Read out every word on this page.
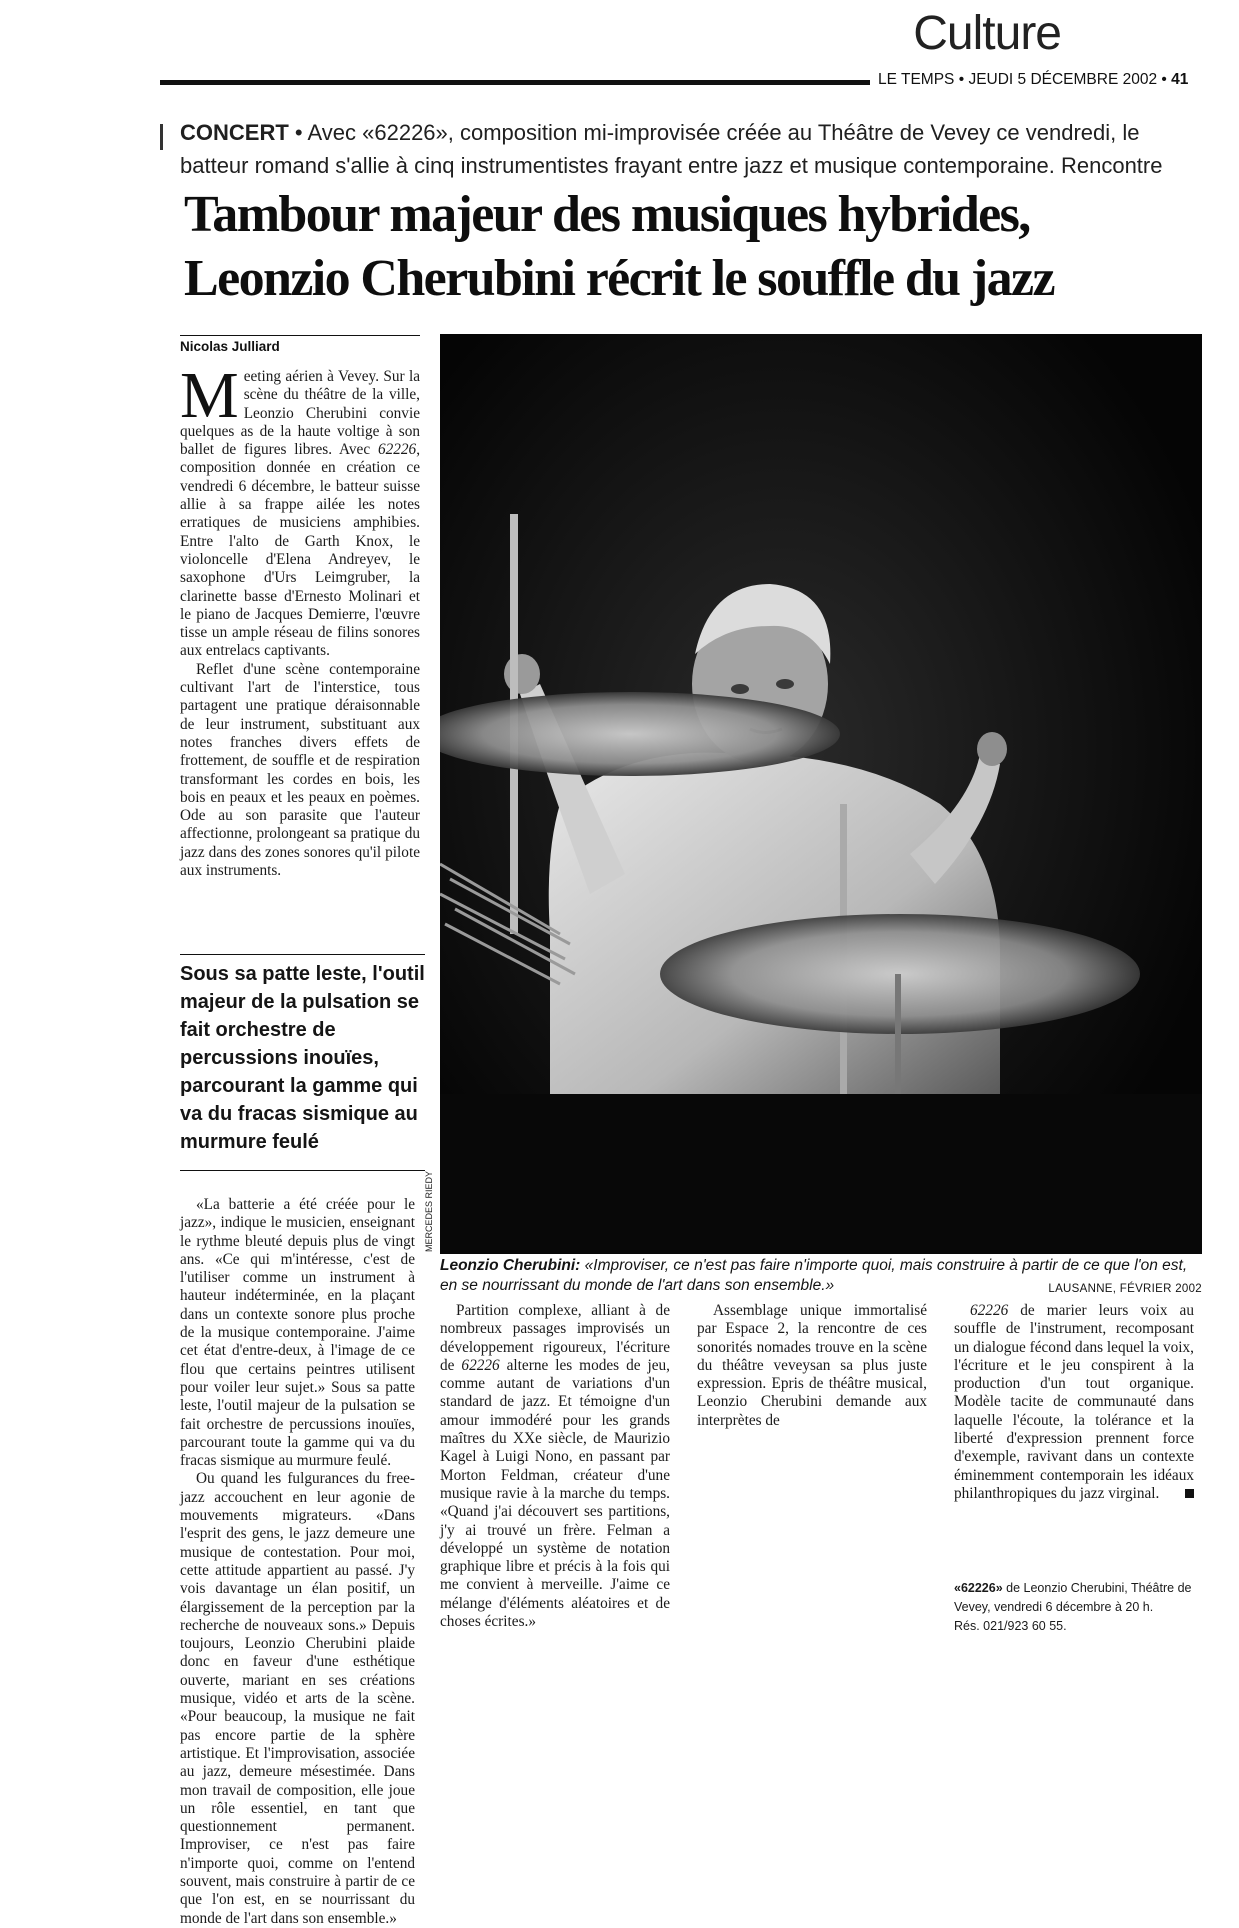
Culture
LE TEMPS • JEUDI 5 DÉCEMBRE 2002 • 41
CONCERT • Avec «62226», composition mi-improvisée créée au Théâtre de Vevey ce vendredi, le batteur romand s'allie à cinq instrumentistes frayant entre jazz et musique contemporaine. Rencontre
Tambour majeur des musiques hybrides,
Leonzio Cherubini récrit le souffle du jazz
Nicolas Julliard

Meeting aérien à Vevey. Sur la scène du théâtre de la ville, Leonzio Cherubini convie quelques as de la haute voltige à son ballet de figures libres. Avec 62226, composition donnée en création ce vendredi 6 décembre, le batteur suisse allie à sa frappe ailée les notes erratiques de musiciens amphibies. Entre l'alto de Garth Knox, le violoncelle d'Elena Andreyev, le saxophone d'Urs Leimgruber, la clarinette basse d'Ernesto Molinari et le piano de Jacques Demierre, l'œuvre tisse un ample réseau de filins sonores aux entrelacs captivants.

Reflet d'une scène contemporaine cultivant l'art de l'interstice, tous partagent une pratique déraisonnable de leur instrument, substituant aux notes franches divers effets de frottement, de souffle et de respiration transformant les cordes en bois, les bois en peaux et les peaux en poèmes. Ode au son parasite que l'auteur affectionne, prolongeant sa pratique du jazz dans des zones sonores qu'il pilote aux instruments.

Sous sa patte leste, l'outil majeur de la pulsation se fait orchestre de percussions inouïes, parcourant la gamme qui va du fracas sismique au murmure feulé

«La batterie a été créée pour le jazz», indique le musicien, enseignant le rythme bleuté depuis plus de vingt ans. «Ce qui m'intéresse, c'est de l'utiliser comme un instrument à hauteur indéterminée, en la plaçant dans un contexte sonore plus proche de la musique contemporaine. J'aime cet état d'entre-deux, à l'image de ce flou que certains peintres utilisent pour voiler leur sujet.» Sous sa patte leste, l'outil majeur de la pulsation se fait orchestre de percussions inouïes, parcourant toute la gamme qui va du fracas sismique au murmure feulé.

Ou quand les fulgurances du free-jazz accouchent en leur agonie de mouvements migrateurs. «Dans l'esprit des gens, le jazz demeure une musique de contestation. Pour moi, cette attitude appartient au passé. J'y vois davantage un élan positif, un élargissement de la perception par la recherche de nouveaux sons.» Depuis toujours, Leonzio Cherubini plaide donc en faveur d'une esthétique ouverte, mariant en ses créations musique, vidéo et arts de la scène. «Pour beaucoup, la musique ne fait pas encore partie de la sphère artistique. Et l'improvisation, associée au jazz, demeure mésestimée. Dans mon travail de composition, elle joue un rôle essentiel, en tant que questionnement permanent. Improviser, ce n'est pas faire n'importe quoi, comme on l'entend souvent, mais construire à partir de ce que l'on est, en se nourrissant du monde de l'art dans son ensemble.»

MERCEDES RIEDY
Leonzio Cherubini: «Improviser, ce n'est pas faire n'importe quoi, mais construire à partir de ce que l'on est, en se nourrissant du monde de l'art dans son ensemble.»	LAUSANNE, FÉVRIER 2002

Partition complexe, alliant à de nombreux passages improvisés un développement rigoureux, l'écriture de 62226 alterne les modes de jeu, comme autant de variations d'un standard de jazz. Et témoigne d'un amour immodéré pour les grands maîtres du XXe siècle, de Maurizio Kagel à Luigi Nono, en passant par Morton Feldman, créateur d'une musique ravie à la marche du temps. «Quand j'ai découvert ses partitions, j'y ai trouvé un frère. Felman a développé un système de notation graphique libre et précis à la fois qui me convient à merveille. J'aime ce mélange d'éléments aléatoires et de choses écrites.»

Assemblage unique immortalisé par Espace 2, la rencontre de ces sonorités nomades trouve en la scène du théâtre veveysan sa plus juste expression. Epris de théâtre musical, Leonzio Cherubini demande aux interprètes de

62226 de marier leurs voix au souffle de l'instrument, recomposant un dialogue fécond dans lequel la voix, l'écriture et le jeu conspirent à la production d'un tout organique. Modèle tacite de communauté dans laquelle l'écoute, la tolérance et la liberté d'expression prennent force d'exemple, ravivant dans un contexte éminemment contemporain les idéaux philanthropiques du jazz virginal.

«62226» de Leonzio Cherubini, Théâtre de Vevey, vendredi 6 décembre à 20 h.
Rés. 021/923 60 55.
